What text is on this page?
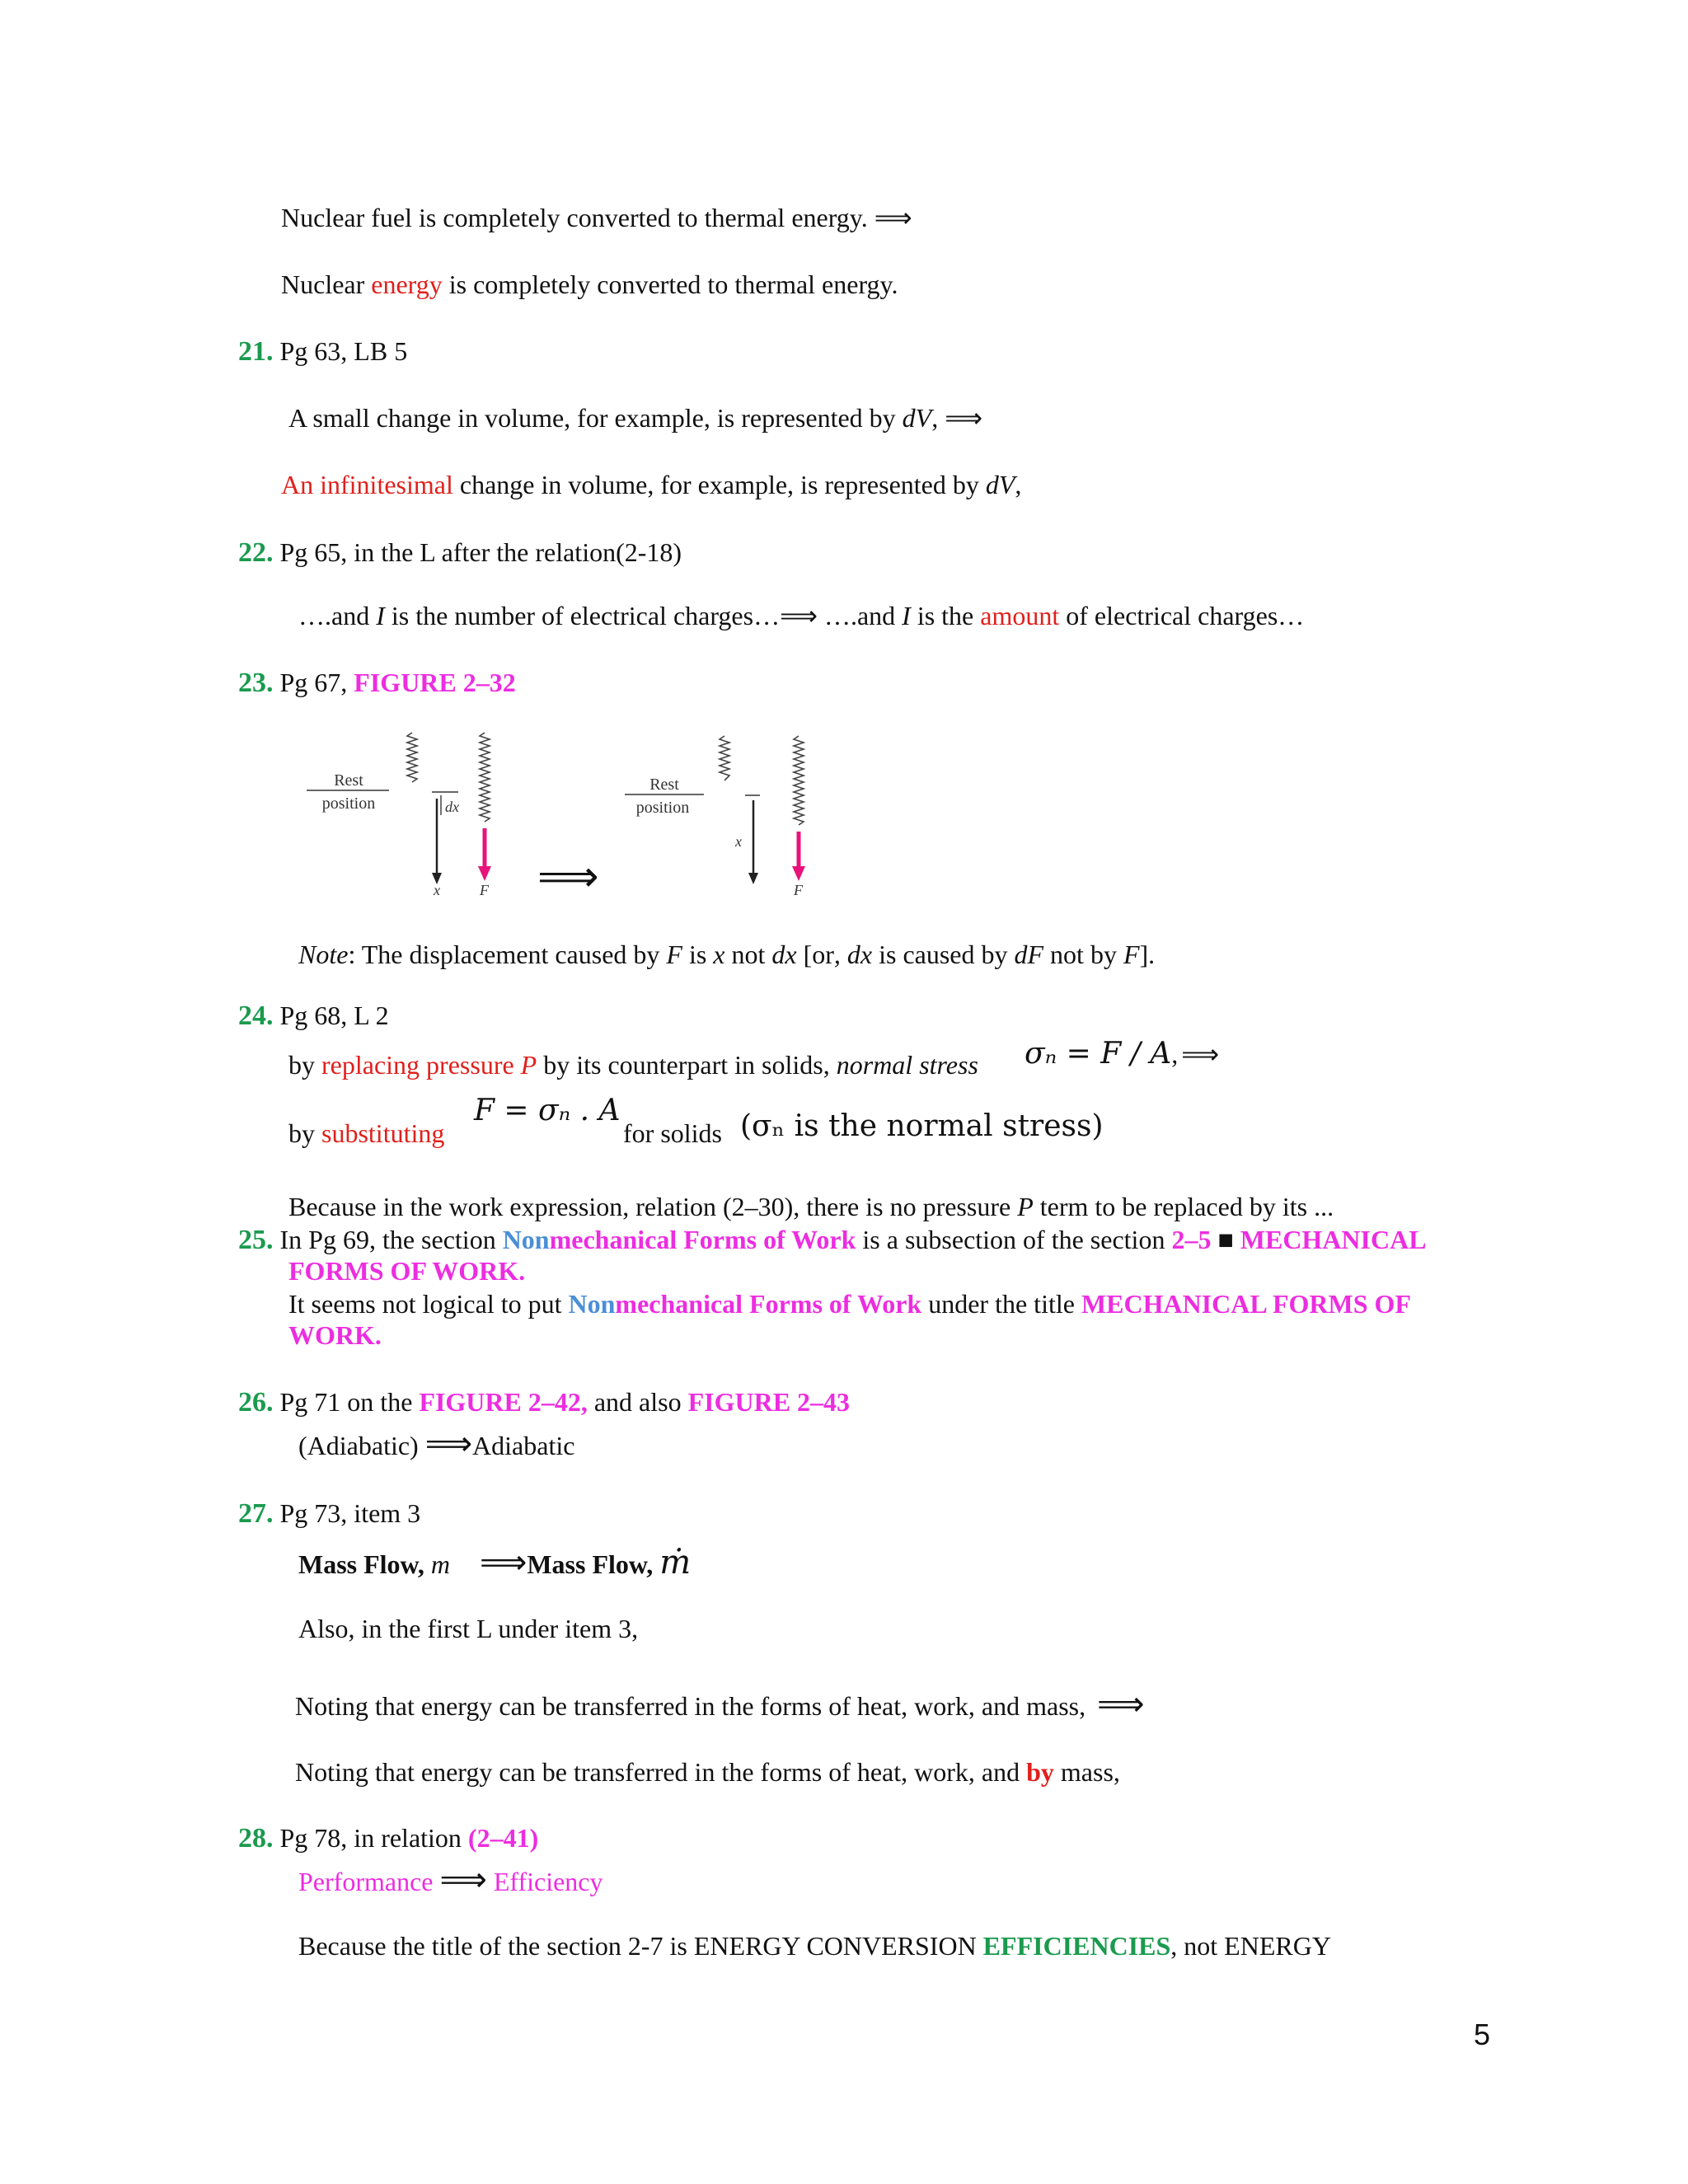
Nuclear fuel is completely converted to thermal energy. ⟹
Nuclear energy is completely converted to thermal energy.
21. Pg 63, LB 5
A small change in volume, for example, is represented by dV, ⟹
An infinitesimal change in volume, for example, is represented by dV,
22. Pg 65, in the L after the relation(2-18)
….and I is the number of electrical charges…⟹ ….and I is the amount of electrical charges…
23. Pg 67, FIGURE 2–32
Rest
position	dx
x	F ⟹
Rest
position
x
F
Note: The displacement caused by F is x not dx [or, dx is caused by dF not by F].
24. Pg 68, L 2
by replacing pressure P by its counterpart in solids, normal stress σₙ = F / A, ⟹
by substituting
F = σₙ . A
for solids (σₙ is the normal stress)
Because in the work expression, relation (2–30), there is no pressure P term to be replaced by its ...
25. In Pg 69, the section Nonmechanical Forms of Work is a subsection of the section 2–5 ■ MECHANICAL
FORMS OF WORK.
It seems not logical to put Nonmechanical Forms of Work under the title MECHANICAL FORMS OF
WORK.
26. Pg 71 on the FIGURE 2–42, and also FIGURE 2–43
(Adiabatic) ⟹Adiabatic
27. Pg 73, item 3
Mass Flow, m ⟹Mass Flow, ṁ
Also, in the first L under item 3,
Noting that energy can be transferred in the forms of heat, work, and mass, ⟹
Noting that energy can be transferred in the forms of heat, work, and by mass,
28. Pg 78, in relation (2–41)
Performance ⟹ Efficiency
Because the title of the section 2-7 is ENERGY CONVERSION EFFICIENCIES, not ENERGY
5
